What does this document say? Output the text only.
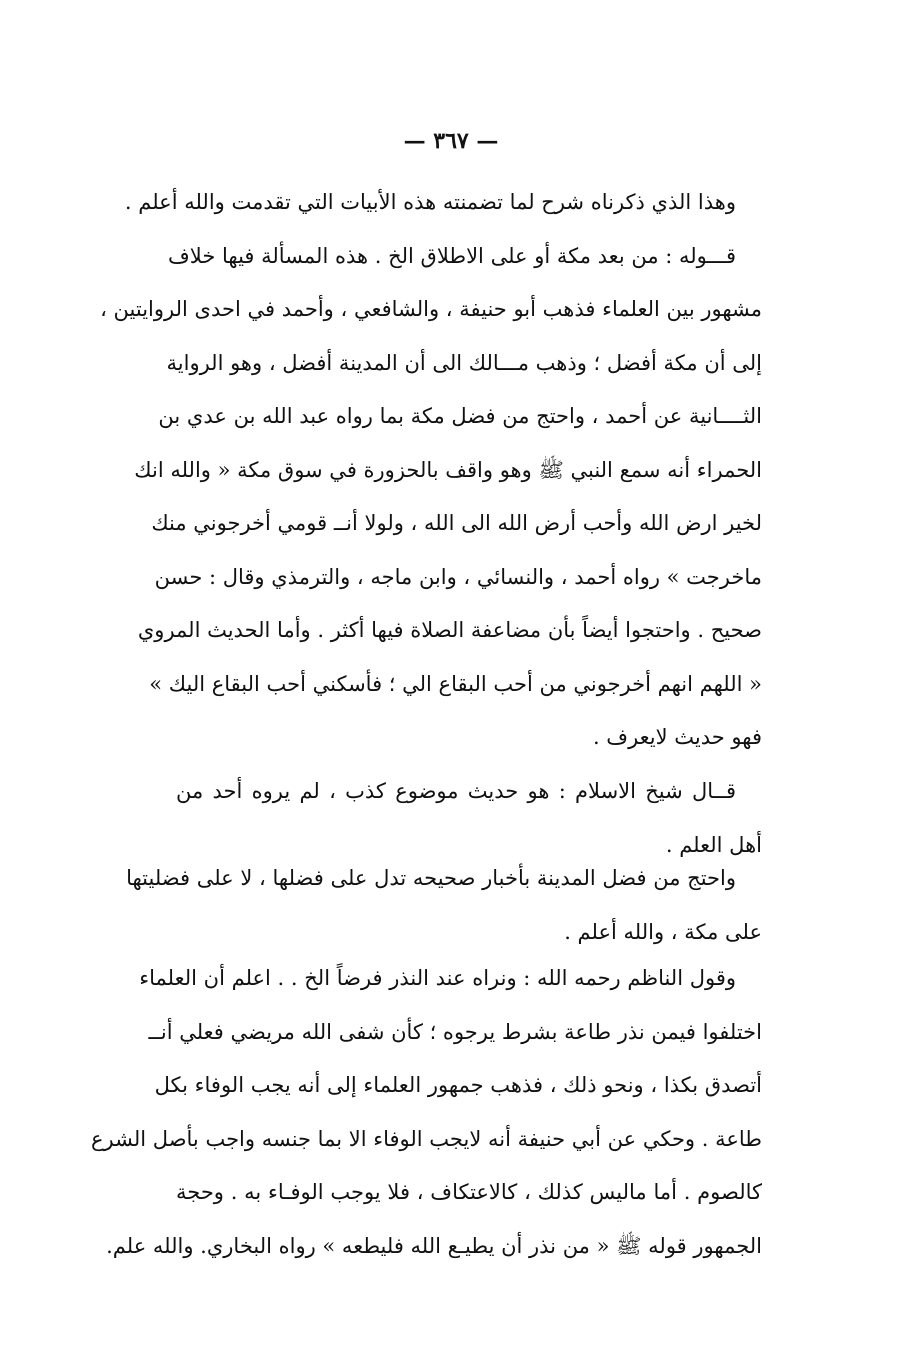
— ٣٦٧ —
وهذا الذي ذكرناه شرح لما تضمنته هذه الأبيات التي تقدمت والله أعلم .
قـــوله : من بعد مكة أو على الاطلاق الخ . هذه المسألة فيها خلاف
مشهور بين العلماء فذهب أبو حنيفة ، والشافعي ، وأحمد في احدى الروايتين ،
إلى أن مكة أفضل ؛ وذهب مـــالك الى أن المدينة أفضل ، وهو الرواية
الثــــانية عن أحمد ، واحتج من فضل مكة بما رواه عبد الله بن عدي بن
الحمراء أنه سمع النبي ﷺ وهو واقف بالحزورة في سوق مكة « والله انك
لخير ارض الله وأحب أرض الله الى الله ، ولولا أنــ قومي أخرجوني منك
ماخرجت » رواه أحمد ، والنسائي ، وابن ماجه ، والترمذي وقال : حسن
صحيح . واحتجوا أيضاً بأن مضاعفة الصلاة فيها أكثر . وأما الحديث المروي
« اللهم انهم أخرجوني من أحب البقاع الي ؛ فأسكني أحب البقاع اليك »
فهو حديث لايعرف .
قــال شيخ الاسلام : هو حديث موضوع كذب ، لم يروه أحد من
أهل العلم .
واحتج من فضل المدينة بأخبار صحيحه تدل على فضلها ، لا على فضليتها
على مكة ، والله أعلم .
وقول الناظم رحمه الله : ونراه عند النذر فرضاً الخ . . اعلم أن العلماء
اختلفوا فيمن نذر طاعة بشرط يرجوه ؛ كأن شفى الله مريضي فعلي أنــ
أتصدق بكذا ، ونحو ذلك ، فذهب جمهور العلماء إلى أنه يجب الوفاء بكل
طاعة . وحكي عن أبي حنيفة أنه لايجب الوفاء الا بما جنسه واجب بأصل الشرع
كالصوم . أما ماليس كذلك ، كالاعتكاف ، فلا يوجب الوفـاء به . وحجة
الجمهور قوله ﷺ « من نذر أن يطيـع الله فليطعه » رواه البخاري. والله علم.
